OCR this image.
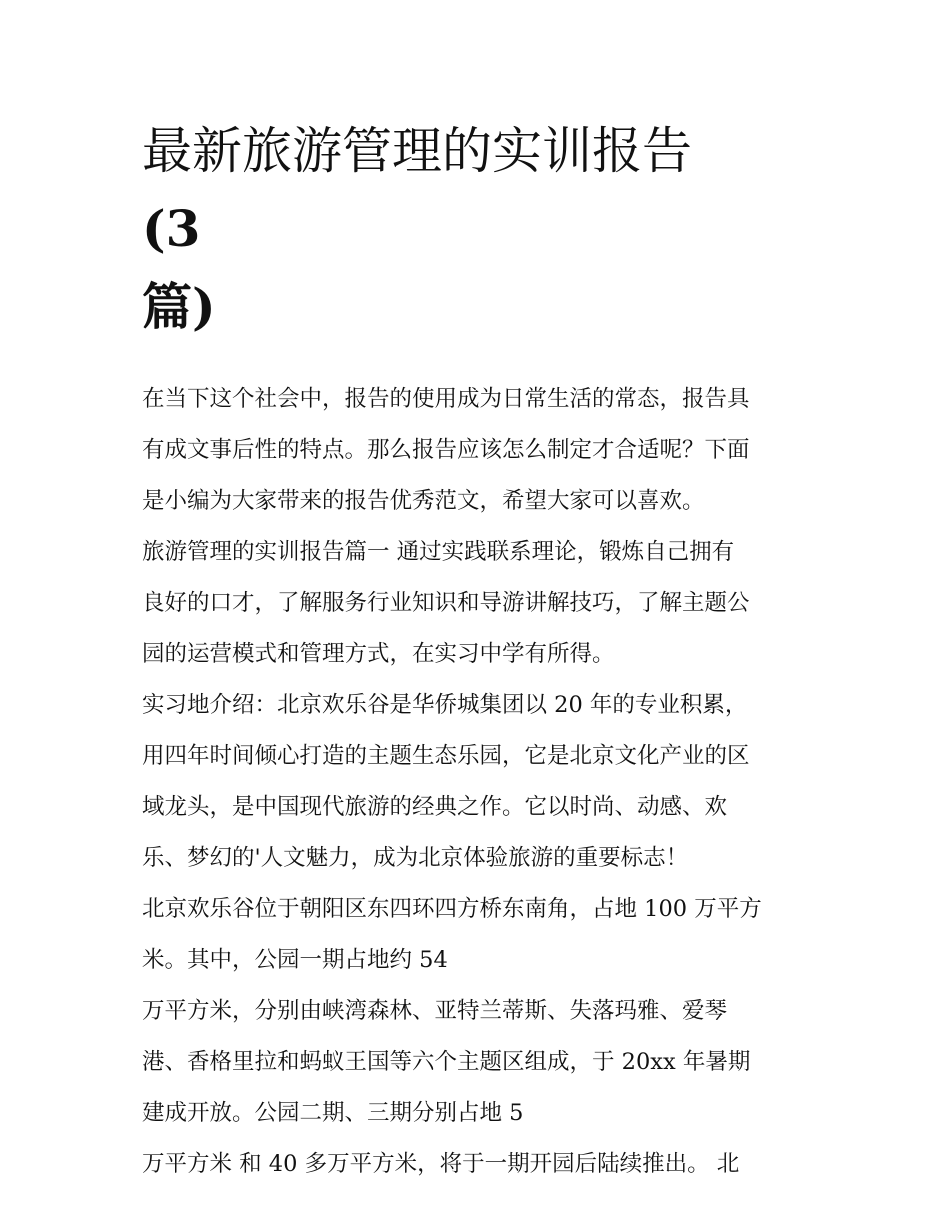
最新旅游管理的实训报告(3
篇)

在当下这个社会中，报告的使用成为日常生活的常态，报告具
有成文事后性的特点。那么报告应该怎么制定才合适呢？下面
是小编为大家带来的报告优秀范文，希望大家可以喜欢。

旅游管理的实训报告篇一 通过实践联系理论，锻炼自己拥有
良好的口才，了解服务行业知识和导游讲解技巧，了解主题公
园的运营模式和管理方式，在实习中学有所得。

实习地介绍：北京欢乐谷是华侨城集团以 20 年的专业积累，
用四年时间倾心打造的主题生态乐园，它是北京文化产业的区
域龙头，是中国现代旅游的经典之作。它以时尚、动感、欢
乐、梦幻的'人文魅力，成为北京体验旅游的重要标志！

北京欢乐谷位于朝阳区东四环四方桥东南角，占地 100 万平方
米。其中，公园一期占地约 54

万平方米，分别由峡湾森林、亚特兰蒂斯、失落玛雅、爱琴
港、香格里拉和蚂蚁王国等六个主题区组成，于 20xx 年暑期
建成开放。公园二期、三期分别占地 5

万平方米 和 40 多万平方米，将于一期开园后陆续推出。 北
